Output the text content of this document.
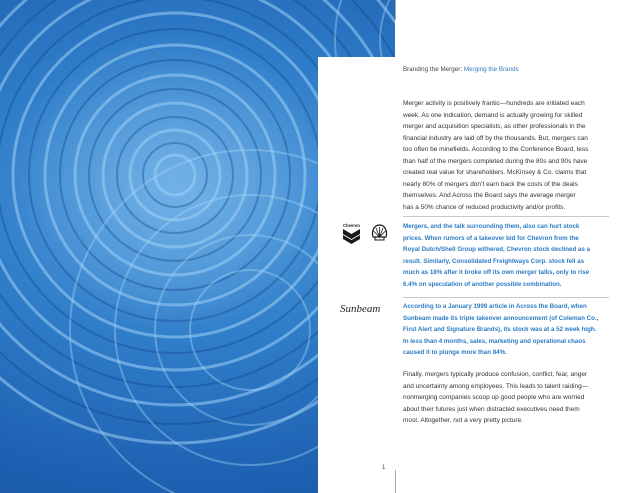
Branding the Merger: Merging the Brands
Merger activity is positively frantic—hundreds are initiated each
week. As one indication, demand is actually growing for skilled
merger and acquisition specialists, as other professionals in the
financial industry are laid off by the thousands. But, mergers can
too often be minefields. According to the Conference Board, less
than half of the mergers completed during the 80s and 90s have
created real value for shareholders. McKinsey & Co. claims that
nearly 80% of mergers don’t earn back the costs of the deals
themselves. And Across the Board says the average merger
has a 50% chance of reduced productivity and/or profits.
Chevron	Mergers, and the talk surrounding them, also can hurt stock
prices. When rumors of a takeover bid for Chevron from the
Royal Dutch/Shell Group withered, Chevron stock declined as a
result. Similarly, Consolidated Freightways Corp. stock fell as
much as 18% after it broke off its own merger talks, only to rise
6.4% on speculation of another possible combination.
Sunbeam	According to a January 1999 article in Across the Board, when
Sunbeam made its triple takeover announcement (of Coleman Co.,
First Alert and Signature Brands), its stock was at a 52 week high.
In less than 4 months, sales, marketing and operational chaos
caused it to plunge more than 84%.
Finally, mergers typically produce confusion, conflict, fear, anger
and uncertainty among employees. This leads to talent raiding—
nonmerging companies scoop up good people who are worried
about their futures just when distracted executives need them
most. Altogether, not a very pretty picture.
1
